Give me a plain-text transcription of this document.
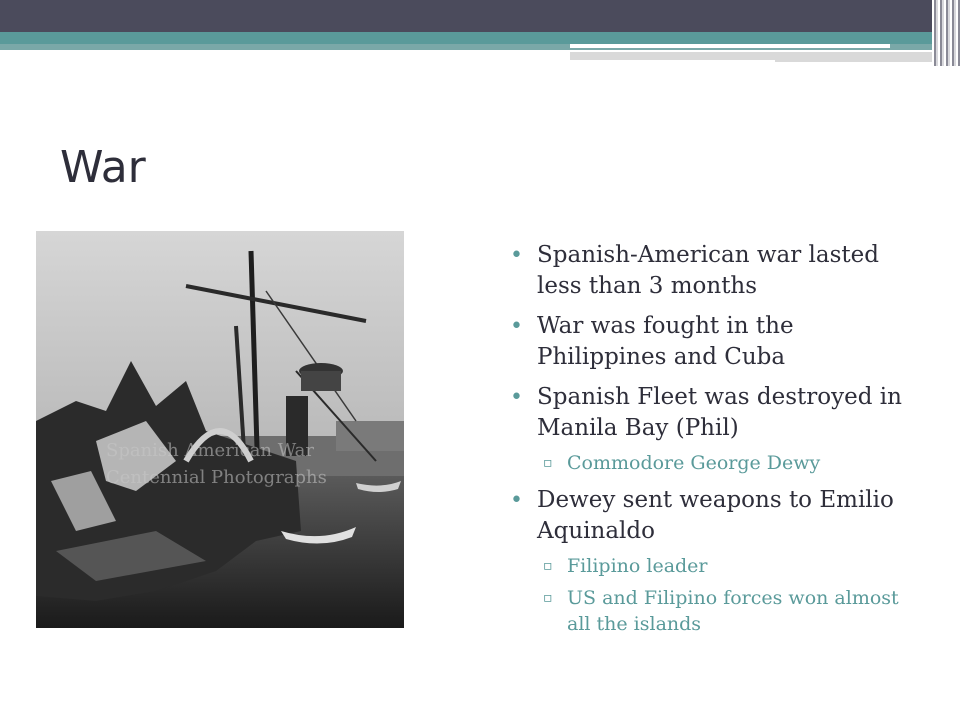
War
Spanish American War
Centennial Photographs
• Spanish-American war lasted less than 3 months
• War was fought in the Philippines and Cuba
• Spanish Fleet was destroyed in Manila Bay (Phil)
▫ Commodore George Dewy
• Dewey sent weapons to Emilio Aquinaldo
▫ Filipino leader
▫ US and Filipino forces won almost all the islands
